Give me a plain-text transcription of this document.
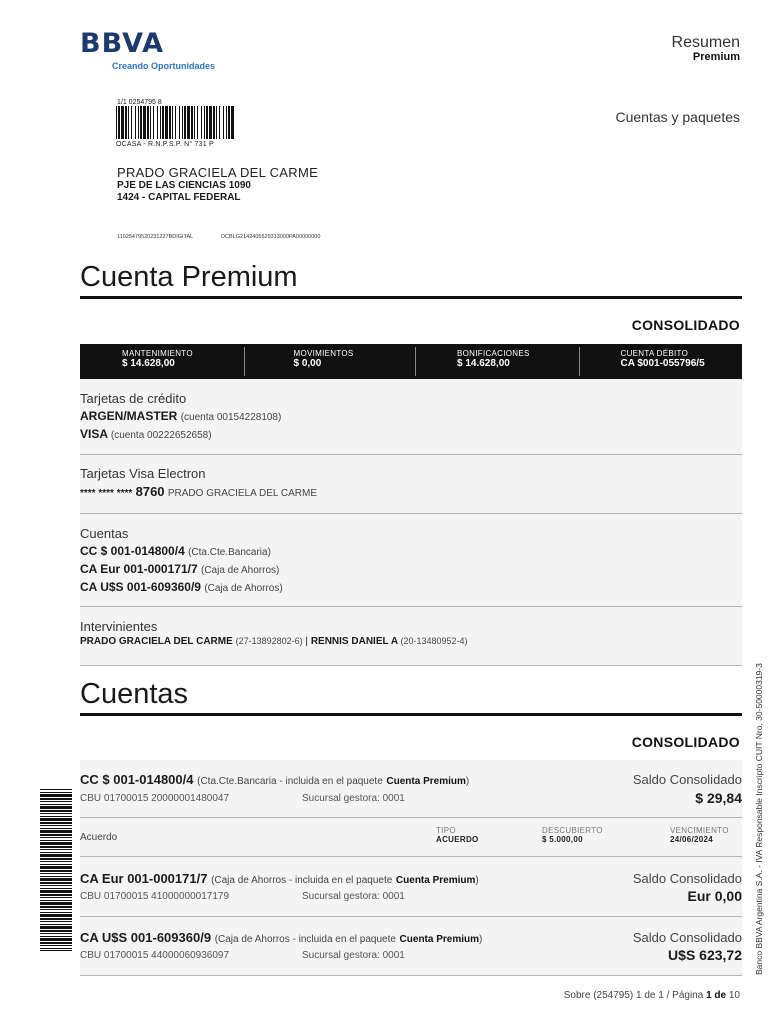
BBVA
Creando Oportunidades
Resumen
Premium
Cuentas y paquetes
1/1 0254795 8
OCASA - R.N.P.S.P. N° 731 P
PRADO GRACIELA DEL CARME
PJE DE LAS CIENCIAS 1090
1424 - CAPITAL FEDERAL
11025479520231227BDIGITAL	OCBLG2142405529313000PA00000000
Cuenta Premium
CONSOLIDADO
MANTENIMIENTO
$ 14.628,00
MOVIMIENTOS
$ 0,00
BONIFICACIONES
$ 14.628,00
CUENTA DÉBITO
CA $001-055796/5
Tarjetas de crédito
ARGEN/MASTER (cuenta 00154228108)
VISA (cuenta 00222652658)
Tarjetas Visa Electron
**** **** **** 8760 PRADO GRACIELA DEL CARME
Cuentas
CC $ 001-014800/4 (Cta.Cte.Bancaria)
CA Eur 001-000171/7 (Caja de Ahorros)
CA U$S 001-609360/9 (Caja de Ahorros)
Intervinientes
PRADO GRACIELA DEL CARME (27-13892802-6) | RENNIS DANIEL A (20-13480952-4)
Cuentas
CONSOLIDADO
CC $ 001-014800/4 (Cta.Cte.Bancaria - incluida en el paquete Cuenta Premium)
CBU 01700015 20000001480047	Sucursal gestora: 0001
Saldo Consolidado
$ 29,84
Acuerdo
TIPO
ACUERDO
DESCUBIERTO
$ 5.000,00
VENCIMIENTO
24/06/2024
CA Eur 001-000171/7 (Caja de Ahorros - incluida en el paquete Cuenta Premium)
CBU 01700015 41000000017179	Sucursal gestora: 0001
Saldo Consolidado
Eur 0,00
CA U$S 001-609360/9 (Caja de Ahorros - incluida en el paquete Cuenta Premium)
CBU 01700015 44000060936097	Sucursal gestora: 0001
Saldo Consolidado
U$S 623,72 Banco BBVA Argentina S.A. - IVA Responsable Inscripto CUIT Nro. 30-50000319-3
Sobre (254795) 1 de 1 / Página 1 de 10
